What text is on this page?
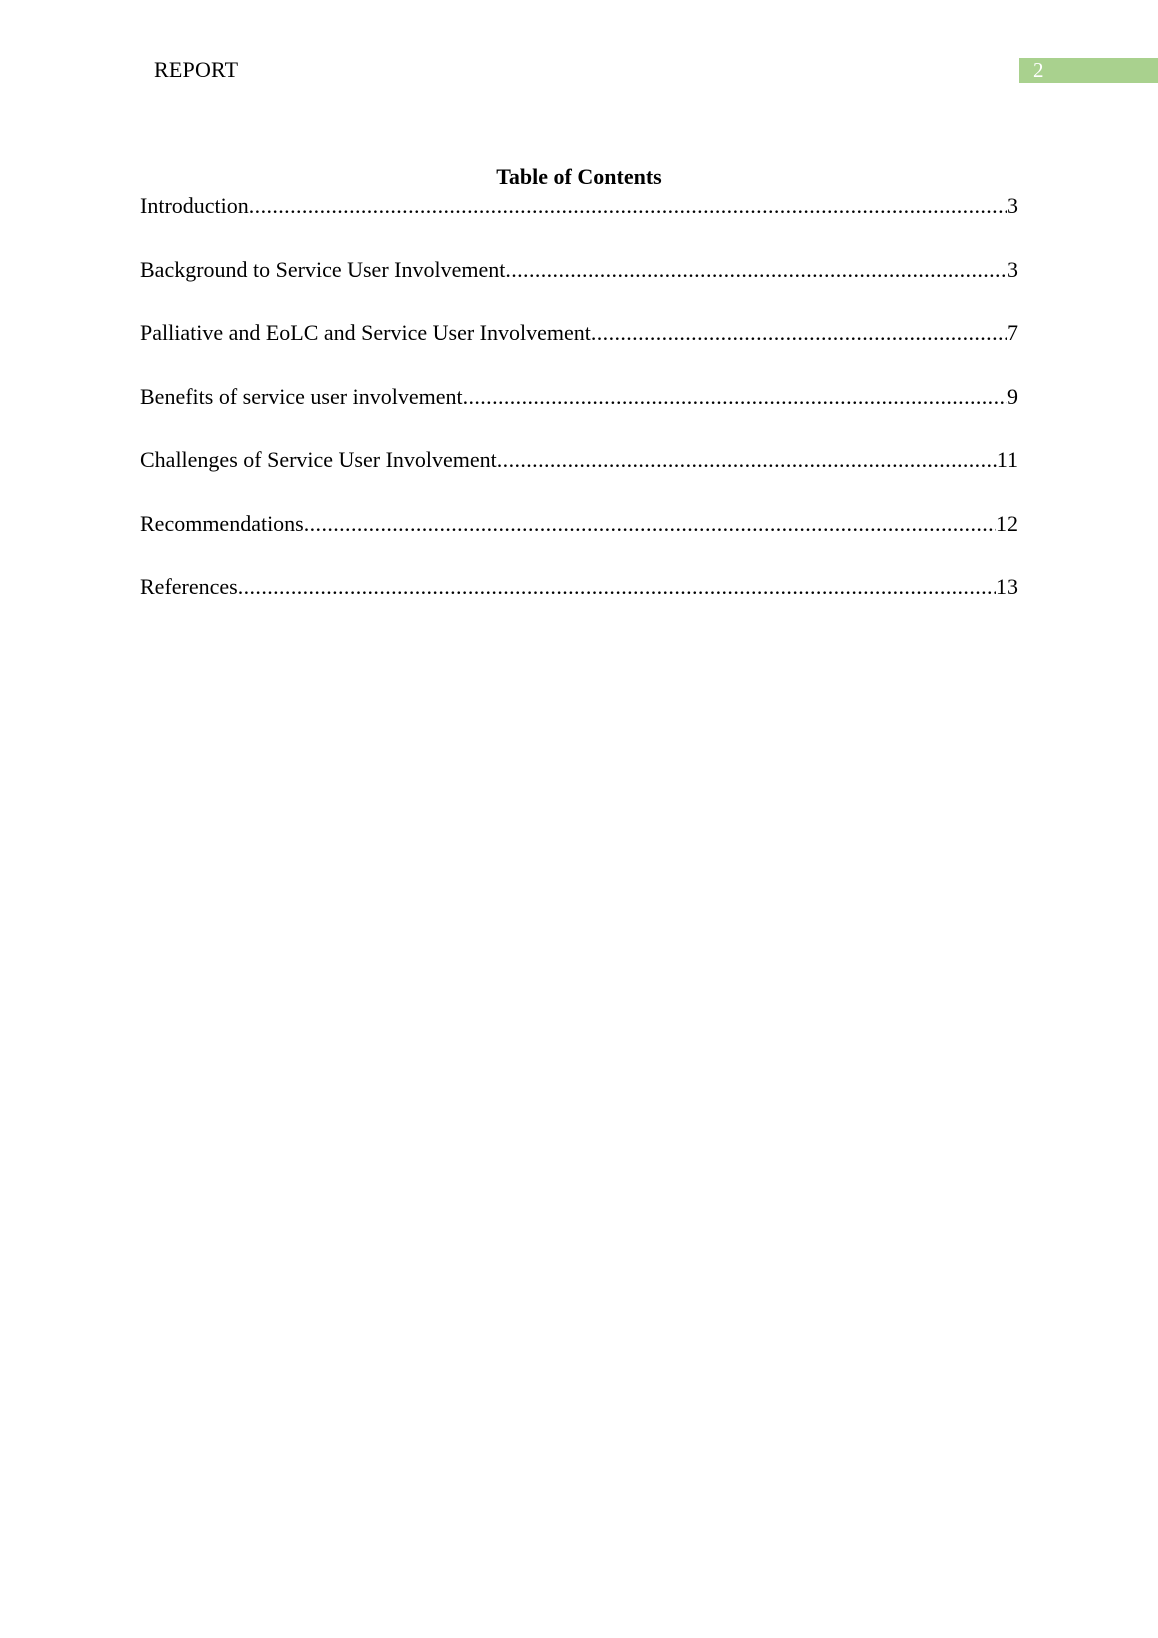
REPORT	2
Table of Contents
Introduction .....	3
Background to Service User Involvement .....	3
Palliative and EoLC and Service User Involvement .....	7
Benefits of service user involvement .....	9
Challenges of Service User Involvement .....	11
Recommendations .....	12
References .....	13
